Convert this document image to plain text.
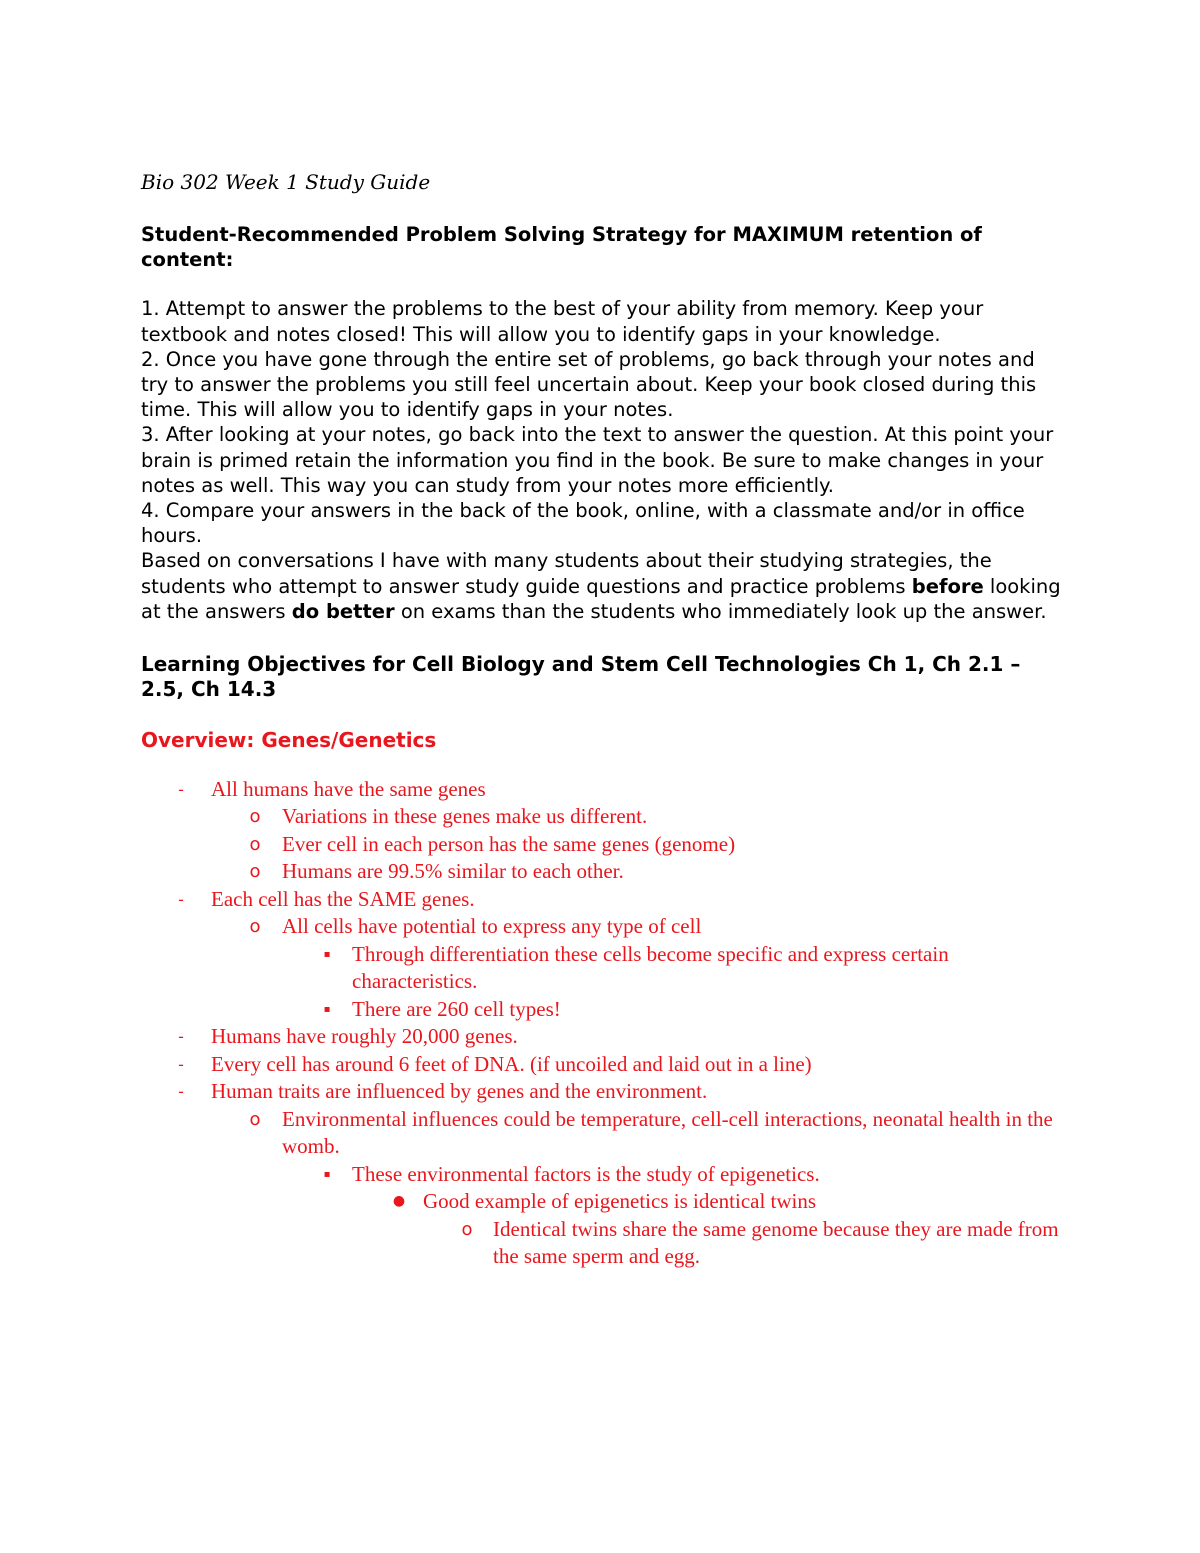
Bio 302 Week 1 Study Guide

Student-Recommended Problem Solving Strategy for MAXIMUM retention of content:

1. Attempt to answer the problems to the best of your ability from memory. Keep your textbook and notes closed! This will allow you to identify gaps in your knowledge.

2. Once you have gone through the entire set of problems, go back through your notes and try to answer the problems you still feel uncertain about. Keep your book closed during this time. This will allow you to identify gaps in your notes.

3. After looking at your notes, go back into the text to answer the question. At this point your brain is primed retain the information you find in the book. Be sure to make changes in your notes as well. This way you can study from your notes more efficiently.

4. Compare your answers in the back of the book, online, with a classmate and/or in office hours.

Based on conversations I have with many students about their studying strategies, the students who attempt to answer study guide questions and practice problems before looking at the answers do better on exams than the students who immediately look up the answer.

Learning Objectives for Cell Biology and Stem Cell Technologies Ch 1, Ch 2.1 – 2.5, Ch 14.3

Overview: Genes/Genetics

-	All humans have the same genes
o Variations in these genes make us different.
o Ever cell in each person has the same genes (genome)
o Humans are 99.5% similar to each other.
-	Each cell has the SAME genes.
o All cells have potential to express any type of cell
▪	Through differentiation these cells become specific and express certain characteristics.
▪	There are 260 cell types!
-	Humans have roughly 20,000 genes.
-	Every cell has around 6 feet of DNA. (if uncoiled and laid out in a line)
-	Human traits are influenced by genes and the environment.
o Environmental influences could be temperature, cell-cell interactions, neonatal health in the womb.
▪	These environmental factors is the study of epigenetics.
● Good example of epigenetics is identical twins
o Identical twins share the same genome because they are made from the same sperm and egg.
